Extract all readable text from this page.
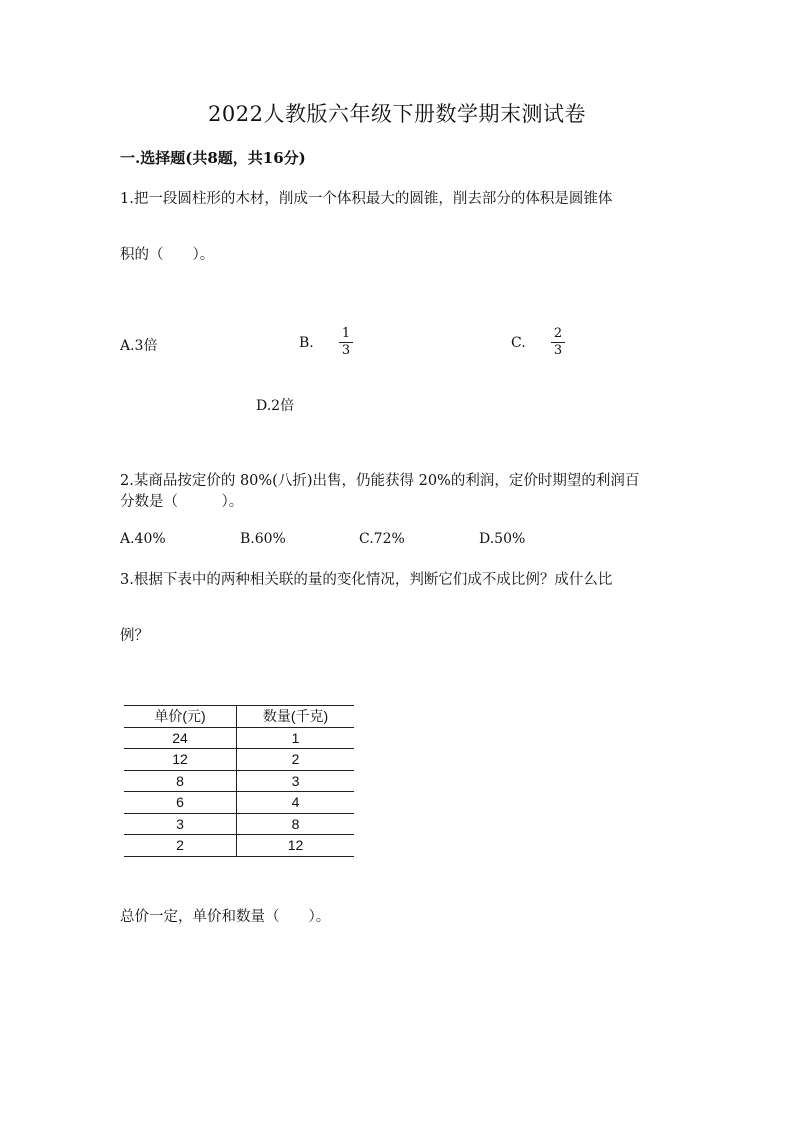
2022人教版六年级下册数学期末测试卷
一.选择题(共8题，共16分)
1.把一段圆柱形的木材，削成一个体积最大的圆锥，削去部分的体积是圆锥体
积的（　　）。
A.3倍	B.
1
3	C.
2
3
D.2倍
2.某商品按定价的 80%(八折)出售，仍能获得 20%的利润，定价时期望的利润百
分数是（　　　）。
A.40%	B.60%	C.72%	D.50%
3.根据下表中的两种相关联的量的变化情况，判断它们成不成比例？成什么比
例？
单价(元)	数量(千克)
24	1
12	2
8	3
6	4
3	8
2	12
总价一定，单价和数量（　　）。
